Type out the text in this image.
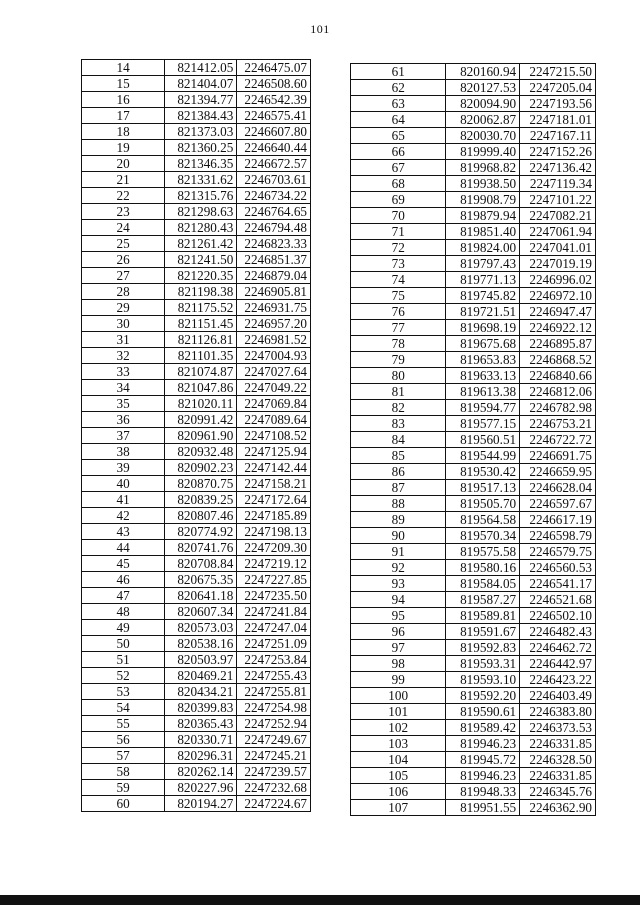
101
14	821412.05	2246475.07
15	821404.07	2246508.60
16	821394.77	2246542.39
17	821384.43	2246575.41
18	821373.03	2246607.80
19	821360.25	2246640.44
20	821346.35	2246672.57
21	821331.62	2246703.61
22	821315.76	2246734.22
23	821298.63	2246764.65
24	821280.43	2246794.48
25	821261.42	2246823.33
26	821241.50	2246851.37
27	821220.35	2246879.04
28	821198.38	2246905.81
29	821175.52	2246931.75
30	821151.45	2246957.20
31	821126.81	2246981.52
32	821101.35	2247004.93
33	821074.87	2247027.64
34	821047.86	2247049.22
35	821020.11	2247069.84
36	820991.42	2247089.64
37	820961.90	2247108.52
38	820932.48	2247125.94
39	820902.23	2247142.44
40	820870.75	2247158.21
41	820839.25	2247172.64
42	820807.46	2247185.89
43	820774.92	2247198.13
44	820741.76	2247209.30
45	820708.84	2247219.12
46	820675.35	2247227.85
47	820641.18	2247235.50
48	820607.34	2247241.84
49	820573.03	2247247.04
50	820538.16	2247251.09
51	820503.97	2247253.84
52	820469.21	2247255.43
53	820434.21	2247255.81
54	820399.83	2247254.98
55	820365.43	2247252.94
56	820330.71	2247249.67
57	820296.31	2247245.21
58	820262.14	2247239.57
59	820227.96	2247232.68
60	820194.27	2247224.67
61	820160.94	2247215.50
62	820127.53	2247205.04
63	820094.90	2247193.56
64	820062.87	2247181.01
65	820030.70	2247167.11
66	819999.40	2247152.26
67	819968.82	2247136.42
68	819938.50	2247119.34
69	819908.79	2247101.22
70	819879.94	2247082.21
71	819851.40	2247061.94
72	819824.00	2247041.01
73	819797.43	2247019.19
74	819771.13	2246996.02
75	819745.82	2246972.10
76	819721.51	2246947.47
77	819698.19	2246922.12
78	819675.68	2246895.87
79	819653.83	2246868.52
80	819633.13	2246840.66
81	819613.38	2246812.06
82	819594.77	2246782.98
83	819577.15	2246753.21
84	819560.51	2246722.72
85	819544.99	2246691.75
86	819530.42	2246659.95
87	819517.13	2246628.04
88	819505.70	2246597.67
89	819564.58	2246617.19
90	819570.34	2246598.79
91	819575.58	2246579.75
92	819580.16	2246560.53
93	819584.05	2246541.17
94	819587.27	2246521.68
95	819589.81	2246502.10
96	819591.67	2246482.43
97	819592.83	2246462.72
98	819593.31	2246442.97
99	819593.10	2246423.22
100	819592.20	2246403.49
101	819590.61	2246383.80
102	819589.42	2246373.53
103	819946.23	2246331.85
104	819945.72	2246328.50
105	819946.23	2246331.85
106	819948.33	2246345.76
107	819951.55	2246362.90
